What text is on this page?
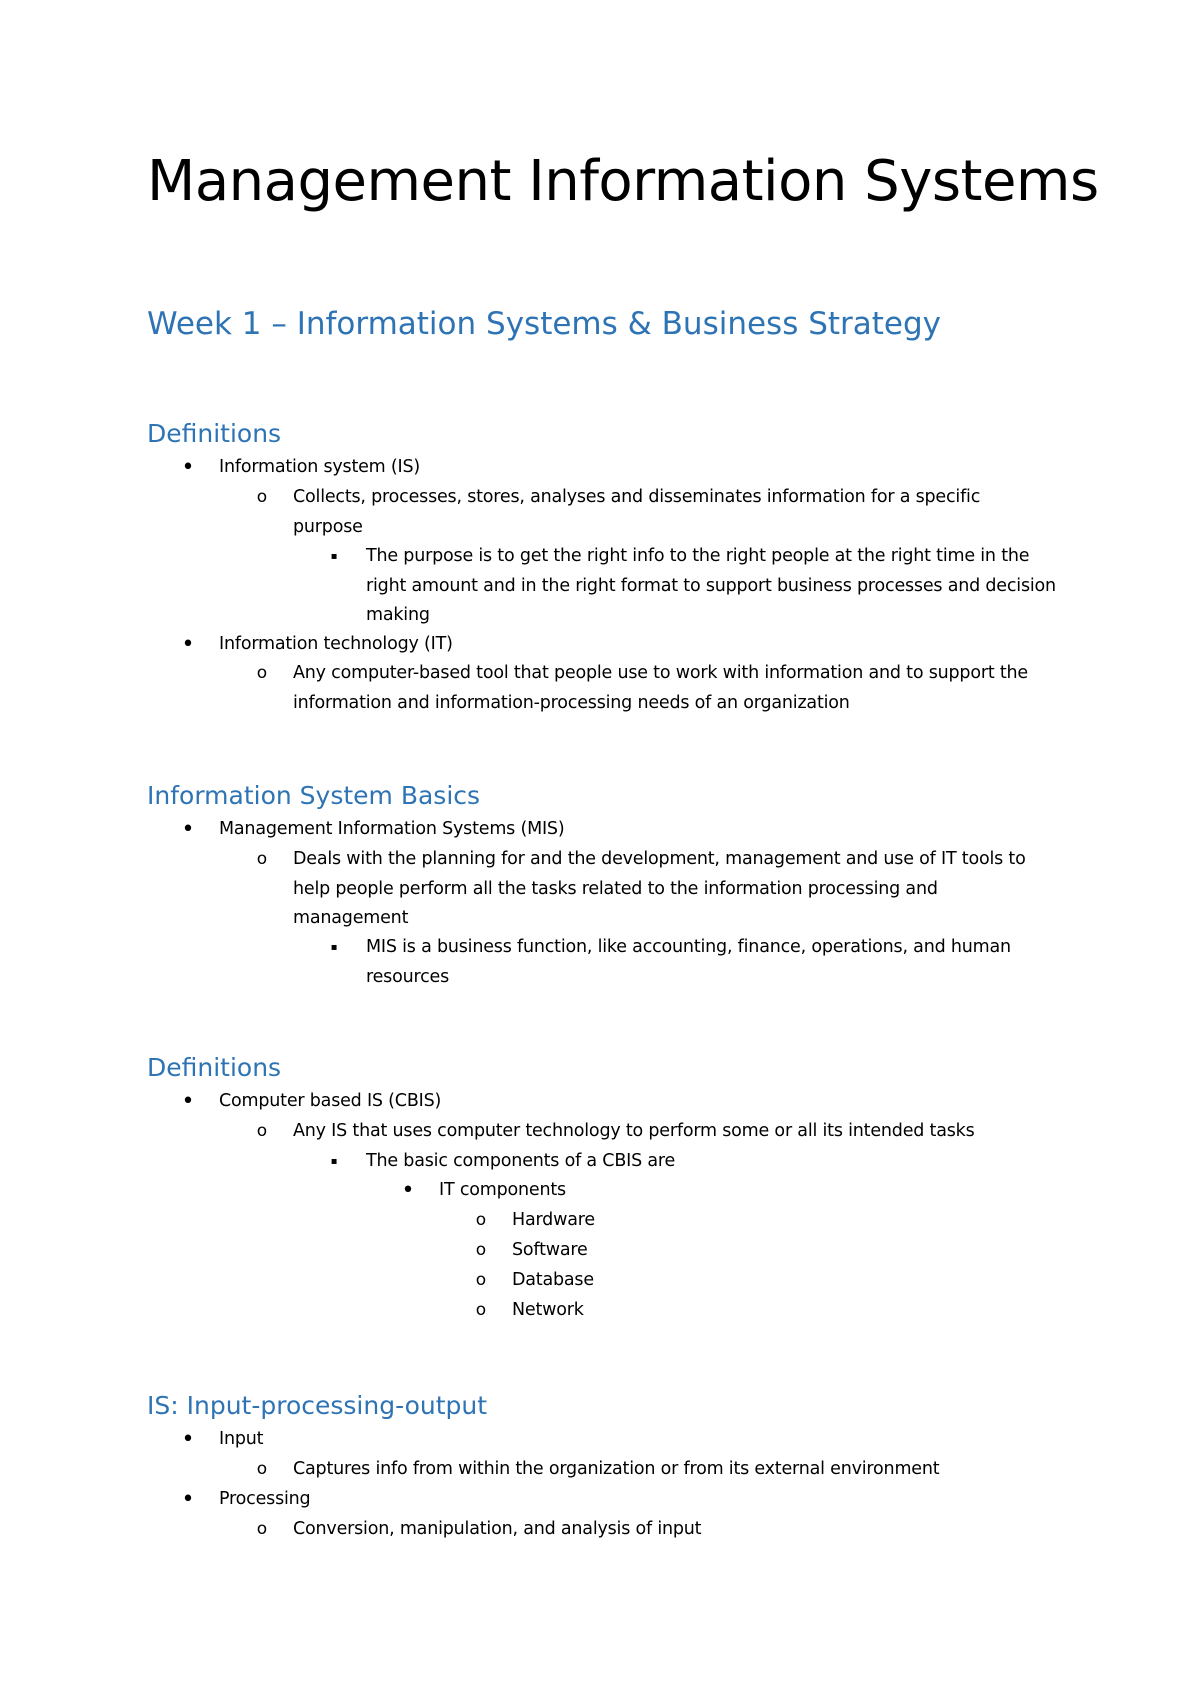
Management Information Systems
Week 1 – Information Systems & Business Strategy
Definitions
•	Information system (IS)
o	Collects, processes, stores, analyses and disseminates information for a specific purpose
▪	The purpose is to get the right info to the right people at the right time in the right amount and in the right format to support business processes and decision making
•	Information technology (IT)
o	Any computer-based tool that people use to work with information and to support the information and information-processing needs of an organization
Information System Basics
•	Management Information Systems (MIS)
o	Deals with the planning for and the development, management and use of IT tools to help people perform all the tasks related to the information processing and management
▪	MIS is a business function, like accounting, finance, operations, and human resources
Definitions
•	Computer based IS (CBIS)
o	Any IS that uses computer technology to perform some or all its intended tasks
▪	The basic components of a CBIS are
•	IT components
o	Hardware
o	Software
o	Database
o	Network
IS: Input-processing-output
•	Input
o	Captures info from within the organization or from its external environment
•	Processing
o	Conversion, manipulation, and analysis of input
